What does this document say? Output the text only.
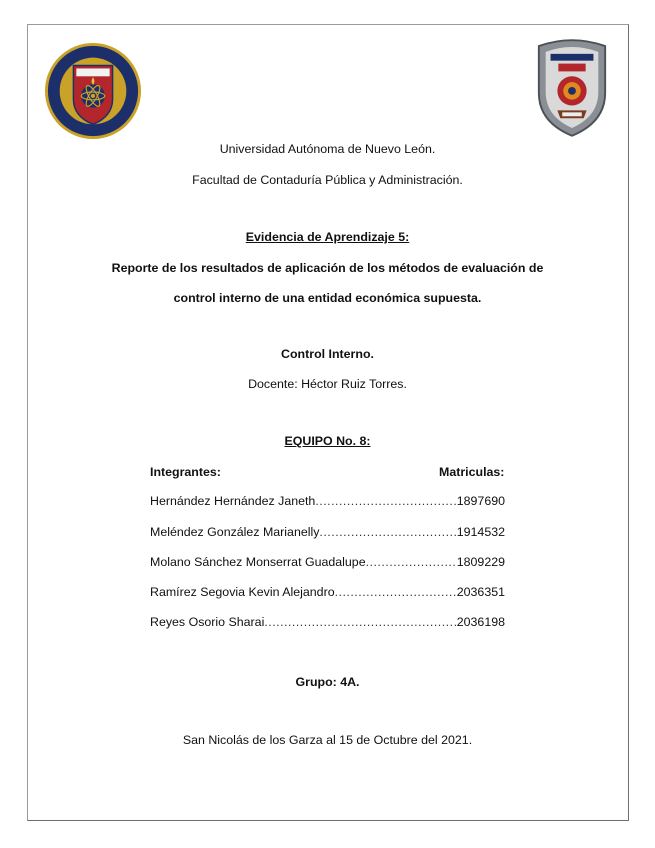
Universidad Autónoma de Nuevo León.
Facultad de Contaduría Pública y Administración.
Evidencia de Aprendizaje 5:
Reporte de los resultados de aplicación de los métodos de evaluación de
control interno de una entidad económica supuesta.
Control Interno.
Docente: Héctor Ruiz Torres.
EQUIPO No. 8:
Integrantes:	Matriculas:
Hernández Hernández Janeth .....	1897690
Meléndez González Marianelly .....	1914532
Molano Sánchez Monserrat Guadalupe .....	1809229
Ramírez Segovia Kevin Alejandro .....	2036351
Reyes Osorio Sharai .....	2036198
Grupo: 4A.
San Nicolás de los Garza al 15 de Octubre del 2021.
